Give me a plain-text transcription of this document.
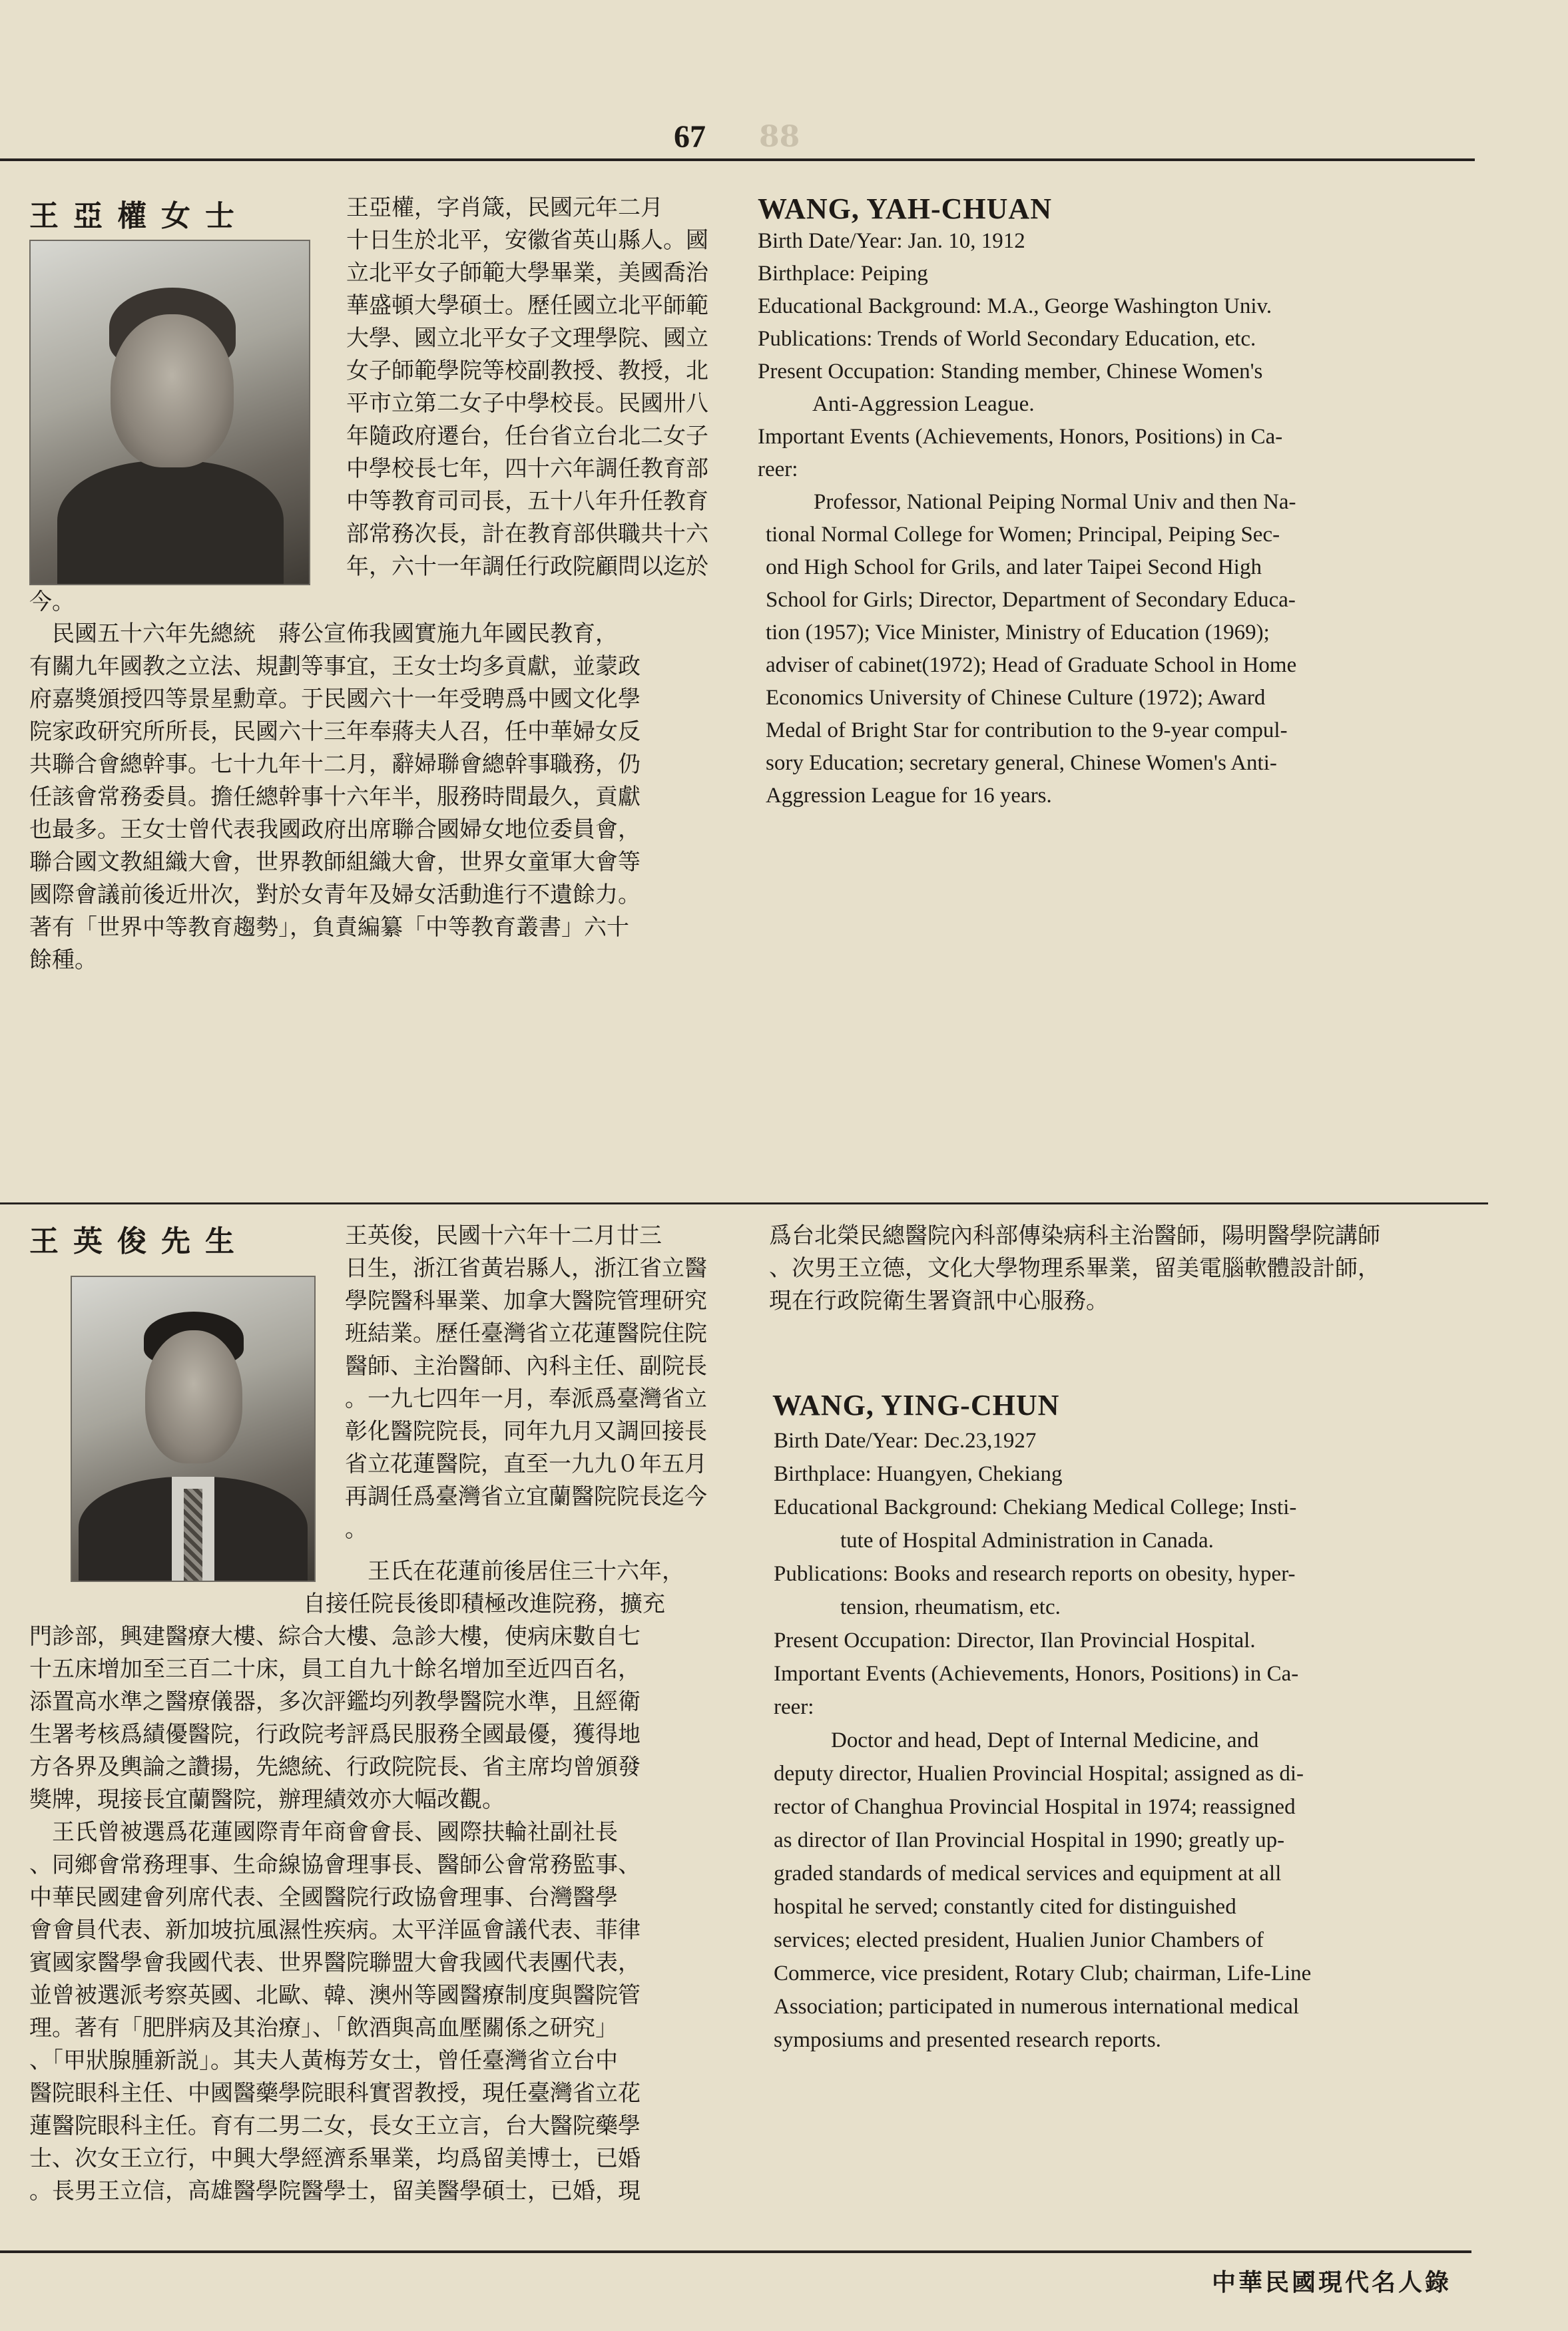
88
67
王亞權女士	WANG, YAH-CHUAN
王英俊先生
WANG, YING-CHUN
中華民國現代名人錄
王亞權，字肖箴，民國元年二月
十日生於北平，安徽省英山縣人。國
立北平女子師範大學畢業，美國喬治
華盛頓大學碩士。歷任國立北平師範
大學、國立北平女子文理學院、國立
女子師範學院等校副教授、教授，北
平市立第二女子中學校長。民國卅八
年隨政府遷台，任台省立台北二女子
中學校長七年，四十六年調任教育部
中等教育司司長，五十八年升任教育
部常務次長，計在教育部供職共十六
年，六十一年調任行政院顧問以迄於
今。
　民國五十六年先總統　蔣公宣佈我國實施九年國民教育，
有關九年國教之立法、規劃等事宜，王女士均多貢獻，並蒙政
府嘉獎頒授四等景星勳章。于民國六十一年受聘爲中國文化學
院家政研究所所長，民國六十三年奉蔣夫人召，任中華婦女反
共聯合會總幹事。七十九年十二月，辭婦聯會總幹事職務，仍
任該會常務委員。擔任總幹事十六年半，服務時間最久，貢獻
也最多。王女士曾代表我國政府出席聯合國婦女地位委員會，
聯合國文教組織大會，世界教師組織大會，世界女童軍大會等
國際會議前後近卅次，對於女青年及婦女活動進行不遺餘力。
著有「世界中等教育趨勢」，負責編纂「中等教育叢書」六十
餘種。
Birth Date/Year: Jan. 10, 1912
Birthplace: Peiping
Educational Background: M.A., George Washington Univ.
Publications: Trends of World Secondary Education, etc.
Present Occupation: Standing member, Chinese Women's
Anti-Aggression League.
Important Events (Achievements, Honors, Positions) in Ca-
reer:
Professor, National Peiping Normal Univ and then Na-
tional Normal College for Women; Principal, Peiping Sec-
ond High School for Grils, and later Taipei Second High
School for Girls; Director, Department of Secondary Educa-
tion (1957); Vice Minister, Ministry of Education (1969);
adviser of cabinet(1972); Head of Graduate School in Home
Economics University of Chinese Culture (1972); Award
Medal of Bright Star for contribution to the 9-year compul-
sory Education; secretary general, Chinese Women's Anti-
Aggression League for 16 years.
王英俊，民國十六年十二月廿三
日生，浙江省黃岩縣人，浙江省立醫
學院醫科畢業、加拿大醫院管理研究
班結業。歷任臺灣省立花蓮醫院住院
醫師、主治醫師、內科主任、副院長
。一九七四年一月，奉派爲臺灣省立
彰化醫院院長，同年九月又調回接長
省立花蓮醫院，直至一九九０年五月
再調任爲臺灣省立宜蘭醫院院長迄今
。
　王氏在花蓮前後居住三十六年，
自接任院長後即積極改進院務，擴充
門診部，興建醫療大樓、綜合大樓、急診大樓，使病床數自七
十五床增加至三百二十床，員工自九十餘名增加至近四百名，
添置高水準之醫療儀器，多次評鑑均列教學醫院水準，且經衛
生署考核爲績優醫院，行政院考評爲民服務全國最優，獲得地
方各界及輿論之讚揚，先總統、行政院院長、省主席均曾頒發
獎牌，現接長宜蘭醫院，辦理績效亦大幅改觀。
　王氏曾被選爲花蓮國際青年商會會長、國際扶輪社副社長
、同鄉會常務理事、生命線協會理事長、醫師公會常務監事、
中華民國建會列席代表、全國醫院行政協會理事、台灣醫學
會會員代表、新加坡抗風濕性疾病。太平洋區會議代表、菲律
賓國家醫學會我國代表、世界醫院聯盟大會我國代表團代表，
並曾被選派考察英國、北歐、韓、澳州等國醫療制度與醫院管
理。著有「肥胖病及其治療」、「飲酒與高血壓關係之研究」
、「甲狀腺腫新説」。其夫人黃梅芳女士，曾任臺灣省立台中
醫院眼科主任、中國醫藥學院眼科實習教授，現任臺灣省立花
蓮醫院眼科主任。育有二男二女，長女王立言，台大醫院藥學
士、次女王立行，中興大學經濟系畢業，均爲留美博士，已婚
。長男王立信，高雄醫學院醫學士，留美醫學碩士，已婚，現
爲台北榮民總醫院內科部傳染病科主治醫師，陽明醫學院講師
、次男王立德，文化大學物理系畢業，留美電腦軟體設計師，
現在行政院衛生署資訊中心服務。
Birth Date/Year: Dec.23,1927
Birthplace: Huangyen, Chekiang
Educational Background: Chekiang Medical College; Insti-
tute of Hospital Administration in Canada.
Publications: Books and research reports on obesity, hyper-
tension, rheumatism, etc.
Present Occupation: Director, Ilan Provincial Hospital.
Important Events (Achievements, Honors, Positions) in Ca-
reer:
Doctor and head, Dept of Internal Medicine, and
deputy director, Hualien Provincial Hospital; assigned as di-
rector of Changhua Provincial Hospital in 1974; reassigned
as director of Ilan Provincial Hospital in 1990; greatly up-
graded standards of medical services and equipment at all
hospital he served; constantly cited for distinguished
services; elected president, Hualien Junior Chambers of
Commerce, vice president, Rotary Club; chairman, Life-Line
Association; participated in numerous international medical
symposiums and presented research reports.
